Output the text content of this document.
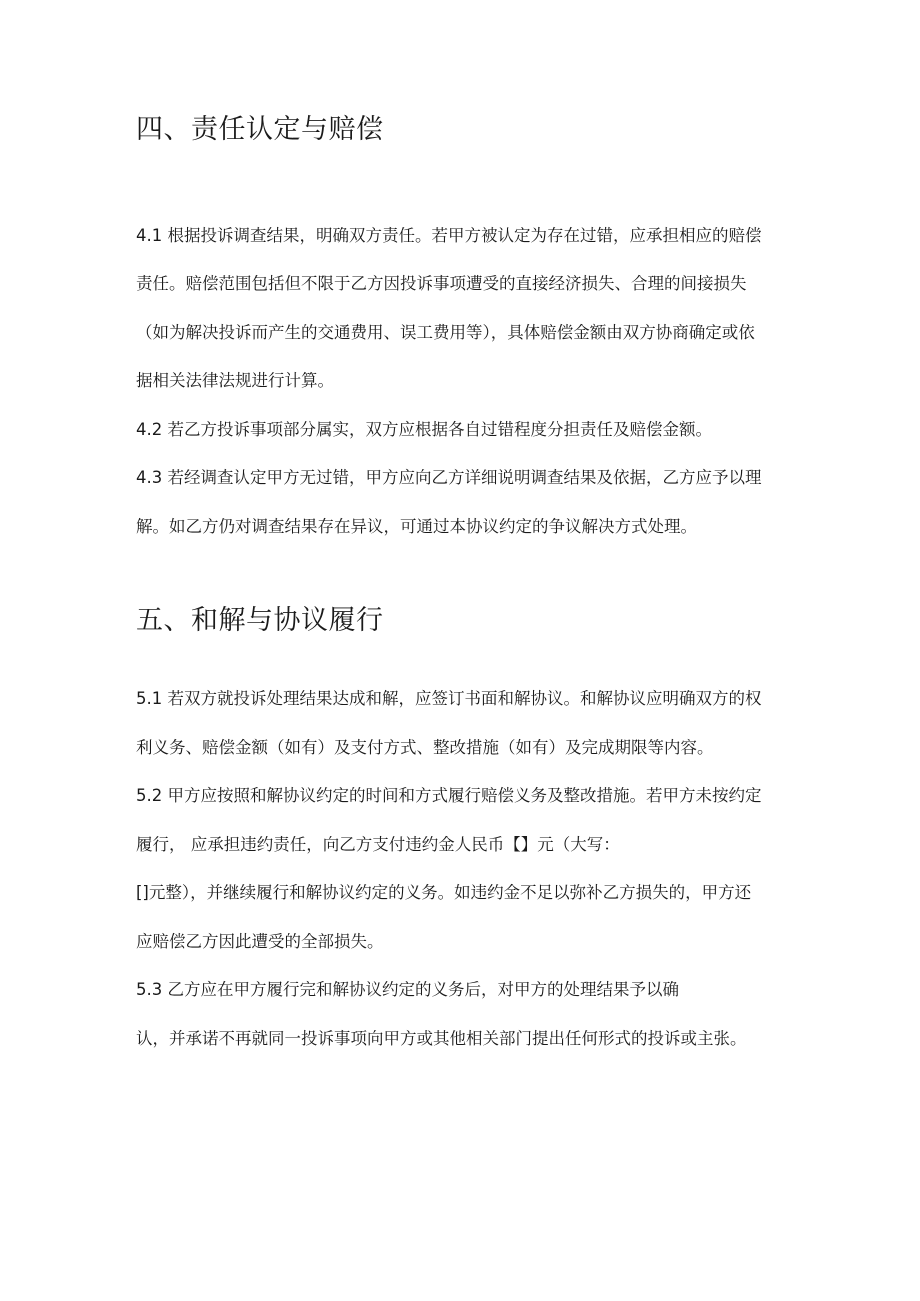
四、责任认定与赔偿

4.1 根据投诉调查结果，明确双方责任。若甲方被认定为存在过错，应承担相应的赔偿

责任。赔偿范围包括但不限于乙方因投诉事项遭受的直接经济损失、合理的间接损失

（如为解决投诉而产生的交通费用、误工费用等），具体赔偿金额由双方协商确定或依

据相关法律法规进行计算。

4.2 若乙方投诉事项部分属实，双方应根据各自过错程度分担责任及赔偿金额。

4.3 若经调查认定甲方无过错，甲方应向乙方详细说明调查结果及依据，乙方应予以理

解。如乙方仍对调查结果存在异议，可通过本协议约定的争议解决方式处理。

五、和解与协议履行

5.1 若双方就投诉处理结果达成和解，应签订书面和解协议。和解协议应明确双方的权

利义务、赔偿金额（如有）及支付方式、整改措施（如有）及完成期限等内容。

5.2 甲方应按照和解协议约定的时间和方式履行赔偿义务及整改措施。若甲方未按约定

履行， 应承担违约责任，向乙方支付违约金人民币【】元（大写：

[]元整），并继续履行和解协议约定的义务。如违约金不足以弥补乙方损失的，甲方还

应赔偿乙方因此遭受的全部损失。

5.3 乙方应在甲方履行完和解协议约定的义务后，对甲方的处理结果予以确

认，并承诺不再就同一投诉事项向甲方或其他相关部门提出任何形式的投诉或主张。
